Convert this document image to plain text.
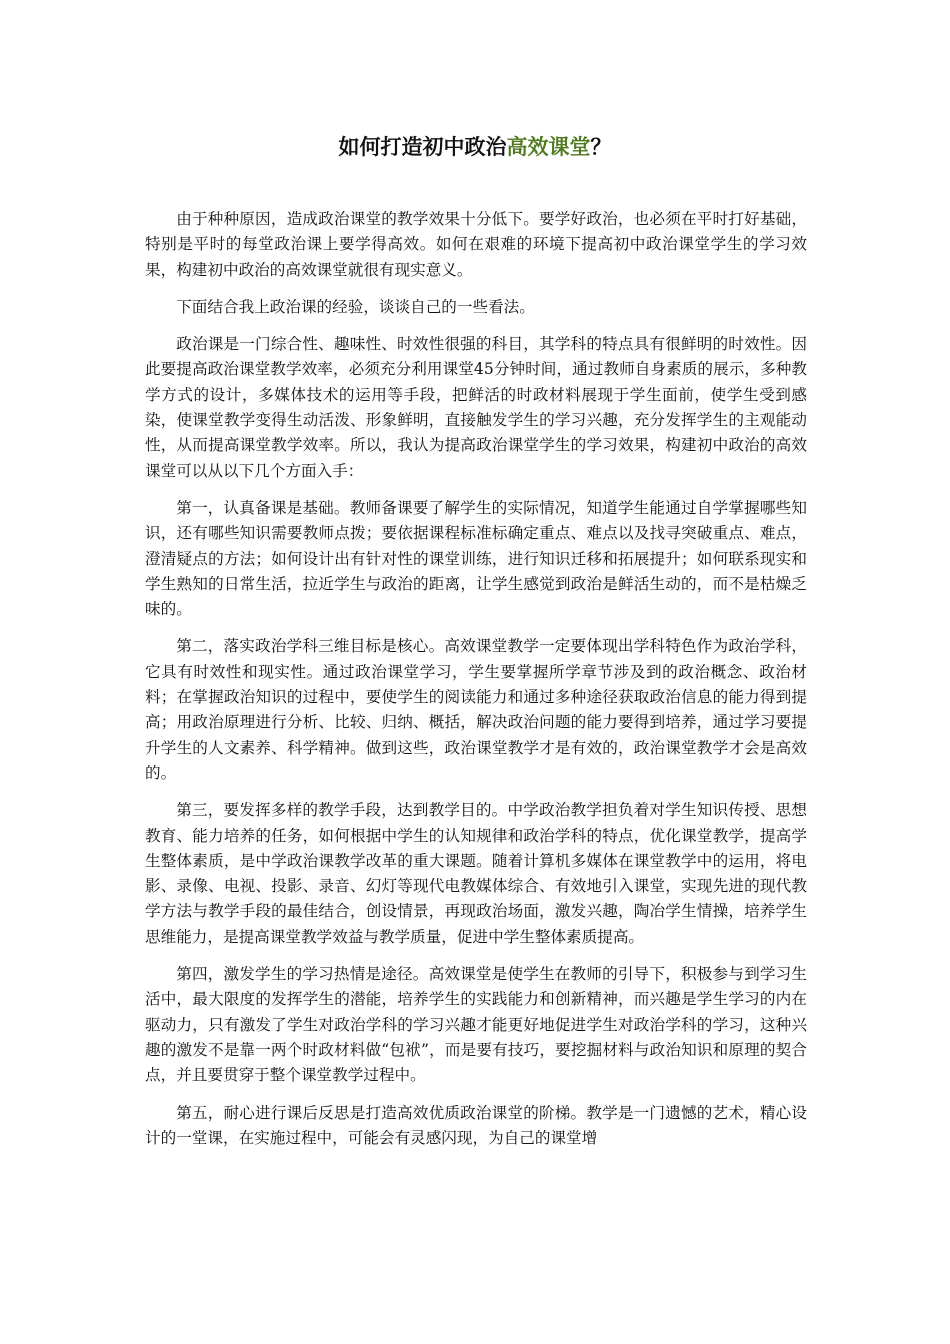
如何打造初中政治高效课堂？

由于种种原因，造成政治课堂的教学效果十分低下。要学好政治，也必须在平时打好基础，特别是平时的每堂政治课上要学得高效。如何在艰难的环境下提高初中政治课堂学生的学习效果，构建初中政治的高效课堂就很有现实意义。

下面结合我上政治课的经验，谈谈自己的一些看法。

政治课是一门综合性、趣味性、时效性很强的科目，其学科的特点具有很鲜明的时效性。因此要提高政治课堂教学效率，必须充分利用课堂45分钟时间，通过教师自身素质的展示，多种教学方式的设计，多媒体技术的运用等手段，把鲜活的时政材料展现于学生面前，使学生受到感染，使课堂教学变得生动活泼、形象鲜明，直接触发学生的学习兴趣，充分发挥学生的主观能动性，从而提高课堂教学效率。所以，我认为提高政治课堂学生的学习效果，构建初中政治的高效课堂可以从以下几个方面入手：

第一，认真备课是基础。教师备课要了解学生的实际情况，知道学生能通过自学掌握哪些知识，还有哪些知识需要教师点拨；要依据课程标准标确定重点、难点以及找寻突破重点、难点，澄清疑点的方法；如何设计出有针对性的课堂训练，进行知识迁移和拓展提升；如何联系现实和学生熟知的日常生活，拉近学生与政治的距离，让学生感觉到政治是鲜活生动的，而不是枯燥乏味的。

第二，落实政治学科三维目标是核心。高效课堂教学一定要体现出学科特色作为政治学科，它具有时效性和现实性。通过政治课堂学习，学生要掌握所学章节涉及到的政治概念、政治材料；在掌握政治知识的过程中，要使学生的阅读能力和通过多种途径获取政治信息的能力得到提高；用政治原理进行分析、比较、归纳、概括，解决政治问题的能力要得到培养，通过学习要提升学生的人文素养、科学精神。做到这些，政治课堂教学才是有效的，政治课堂教学才会是高效的。

第三，要发挥多样的教学手段，达到教学目的。中学政治教学担负着对学生知识传授、思想教育、能力培养的任务，如何根据中学生的认知规律和政治学科的特点，优化课堂教学，提高学生整体素质，是中学政治课教学改革的重大课题。随着计算机多媒体在课堂教学中的运用，将电影、录像、电视、投影、录音、幻灯等现代电教媒体综合、有效地引入课堂，实现先进的现代教学方法与教学手段的最佳结合，创设情景，再现政治场面，激发兴趣，陶冶学生情操，培养学生思维能力，是提高课堂教学效益与教学质量，促进中学生整体素质提高。

第四，激发学生的学习热情是途径。高效课堂是使学生在教师的引导下，积极参与到学习生活中，最大限度的发挥学生的潜能，培养学生的实践能力和创新精神，而兴趣是学生学习的内在驱动力，只有激发了学生对政治学科的学习兴趣才能更好地促进学生对政治学科的学习，这种兴趣的激发不是靠一两个时政材料做“包袱”，而是要有技巧，要挖掘材料与政治知识和原理的契合点，并且要贯穿于整个课堂教学过程中。

第五，耐心进行课后反思是打造高效优质政治课堂的阶梯。教学是一门遗憾的艺术，精心设计的一堂课，在实施过程中，可能会有灵感闪现，为自己的课堂增
